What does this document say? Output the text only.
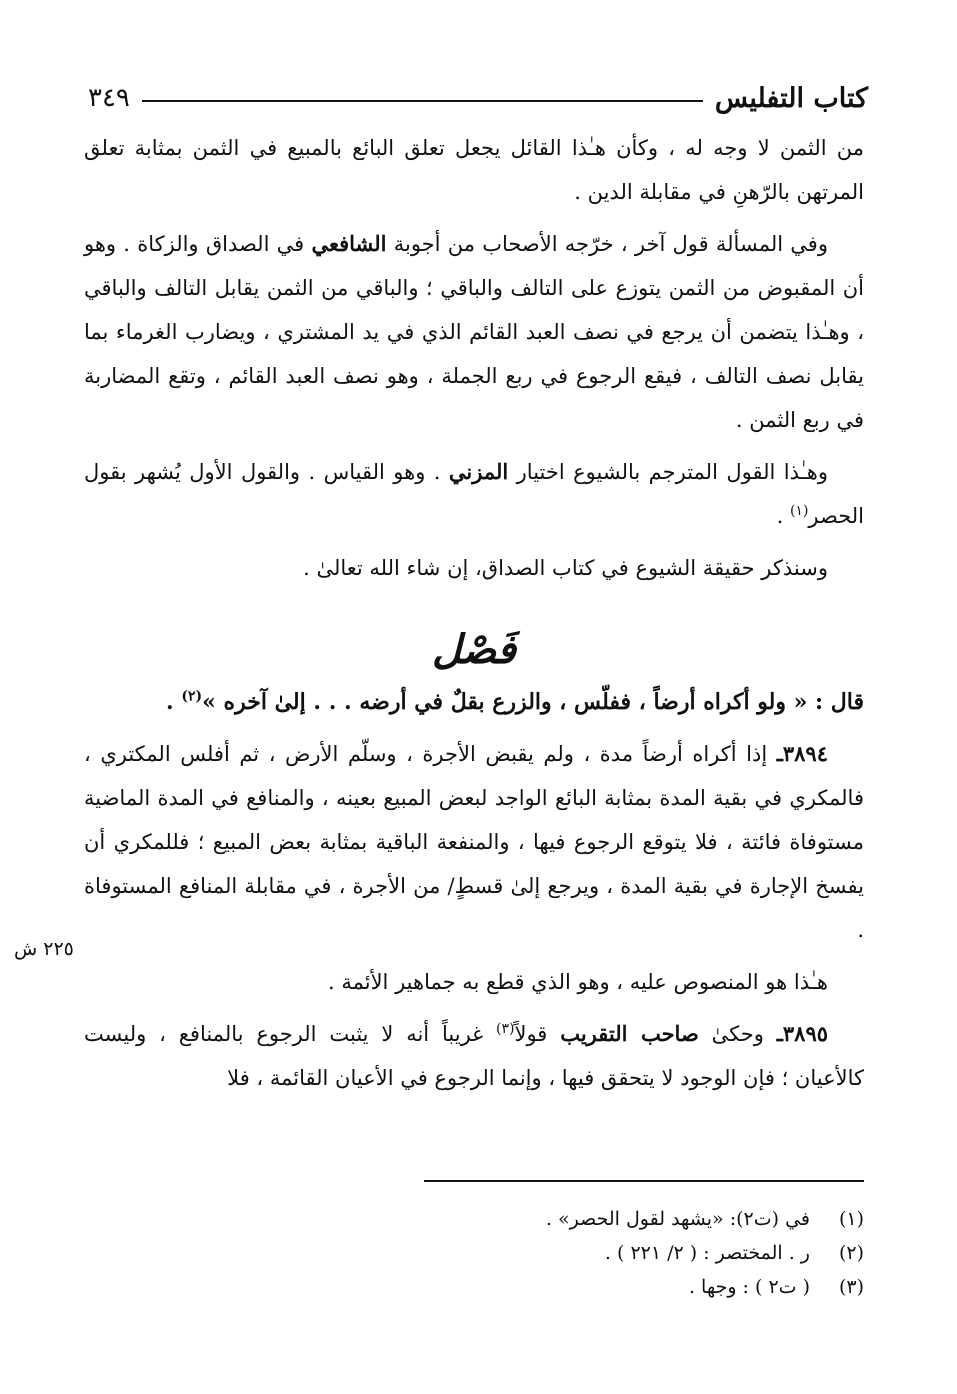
كتاب التفليس
٣٤٩

من الثمن لا وجه له ، وكأن هـٰذا القائل يجعل تعلق البائع بالمبيع في الثمن بمثابة تعلق المرتهن بالرّهنِ في مقابلة الدين .

وفي المسألة قول آخر ، خرّجه الأصحاب من أجوبة الشافعي في الصداق والزكاة . وهو أن المقبوض من الثمن يتوزع على التالف والباقي ؛ والباقي من الثمن يقابل التالف والباقي ، وهـٰذا يتضمن أن يرجع في نصف العبد القائم الذي في يد المشتري ، ويضارب الغرماء بما يقابل نصف التالف ، فيقع الرجوع في ربع الجملة ، وهو نصف العبد القائم ، وتقع المضاربة في ربع الثمن .

وهـٰذا القول المترجم بالشيوع اختيار المزني . وهو القياس . والقول الأول يُشهر بقول الحصر$^{(١)}$ .

وسنذكر حقيقة الشيوع في كتاب الصداق، إن شاء الله تعالىٰ .

فَصْل

قال : « ولو أكراه أرضاً ، ففلّس ، والزرع بقلٌ في أرضه . . . إلىٰ آخره »$^{(٢)}$ .

٣٨٩٤ـ إذا أكراه أرضاً مدة ، ولم يقبض الأجرة ، وسلّم الأرض ، ثم أفلس المكتري ، فالمكري في بقية المدة بمثابة البائع الواجد لبعض المبيع بعينه ، والمنافع في المدة الماضية مستوفاة فائتة ، فلا يتوقع الرجوع فيها ، والمنفعة الباقية بمثابة بعض المبيع ؛ فللمكري أن يفسخ الإجارة في بقية المدة ، ويرجع إلىٰ قسطٍ/ من الأجرة ، في مقابلة المنافع المستوفاة .

هـٰذا هو المنصوص عليه ، وهو الذي قطع به جماهير الأئمة .

٣٨٩٥ـ وحكىٰ صاحب التقريب قولاً$^{(٣)}$ غريباً أنه لا يثبت الرجوع بالمنافع ، وليست كالأعيان ؛ فإن الوجود لا يتحقق فيها ، وإنما الرجوع في الأعيان القائمة ، فلا

٢٢٥ ش
(١)
في (ت٢): «يشهد لقول الحصر» .
(٢)
ر . المختصر : ( ٢/ ٢٢١ ) .
(٣)
( ت٢ ) : وجها .
